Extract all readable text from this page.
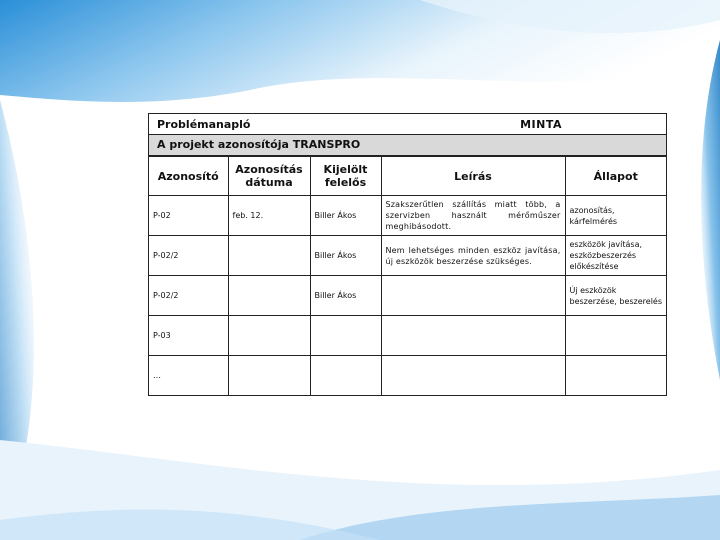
Problémanapló	MINTA
A projekt azonosítója TRANSPRO
Azonosító	Azonosítás dátuma	Kijelölt felelős	Leírás	Állapot
P-02	feb. 12.	Biller Ákos	Szakszerűtlen szállítás miatt több, a szervizben használt mérőműszer meghibásodott.	azonosítás, kárfelmérés
P-02/2		Biller Ákos	Nem lehetséges minden eszköz javítása, új eszközök beszerzése szükséges.	eszközök javítása, eszközbeszerzés előkészítése
P-02/2		Biller Ákos		Új eszközök beszerzése, beszerelés
P-03				
…				
